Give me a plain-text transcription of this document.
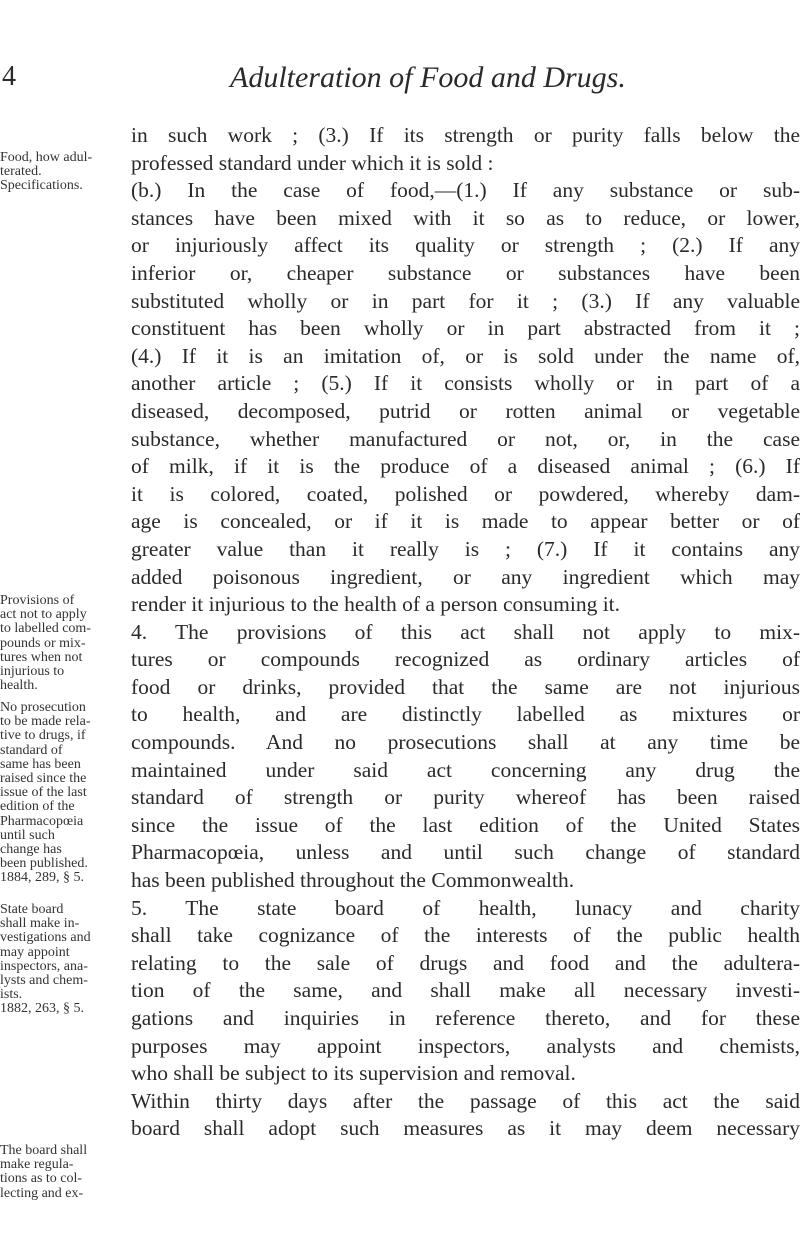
4	Adulteration of Food and Drugs.
Food, how adul-
terated.
Specifications.
Provisions of
act not to apply
to labelled com-
pounds or mix-
tures when not
injurious to
health.
No prosecution
to be made rela-
tive to drugs, if
standard of
same has been
raised since the
issue of the last
edition of the
Pharmacopœia
until such
change has
been published.
1884, 289, § 5.
State board
shall make in-
vestigations and
may appoint
inspectors, ana-
lysts and chem-
ists.
1882, 263, § 5.
The board shall
make regula-
tions as to col-
lecting and ex-
in such work ; (3.) If its strength or purity falls below the
professed standard under which it is sold :
(b.) In the case of food,—(1.) If any substance or sub-
stances have been mixed with it so as to reduce, or lower,
or injuriously affect its quality or strength ; (2.) If any
inferior or, cheaper substance or substances have been
substituted wholly or in part for it ; (3.) If any valuable
constituent has been wholly or in part abstracted from it ;
(4.) If it is an imitation of, or is sold under the name of,
another article ; (5.) If it consists wholly or in part of a
diseased, decomposed, putrid or rotten animal or vegetable
substance, whether manufactured or not, or, in the case
of milk, if it is the produce of a diseased animal ; (6.) If
it is colored, coated, polished or powdered, whereby dam-
age is concealed, or if it is made to appear better or of
greater value than it really is ; (7.) If it contains any
added poisonous ingredient, or any ingredient which may
render it injurious to the health of a person consuming it.
4. The provisions of this act shall not apply to mix-
tures or compounds recognized as ordinary articles of
food or drinks, provided that the same are not injurious
to health, and are distinctly labelled as mixtures or
compounds. And no prosecutions shall at any time be
maintained under said act concerning any drug the
standard of strength or purity whereof has been raised
since the issue of the last edition of the United States
Pharmacopœia, unless and until such change of standard
has been published throughout the Commonwealth.
5. The state board of health, lunacy and charity
shall take cognizance of the interests of the public health
relating to the sale of drugs and food and the adultera-
tion of the same, and shall make all necessary investi-
gations and inquiries in reference thereto, and for these
purposes may appoint inspectors, analysts and chemists,
who shall be subject to its supervision and removal.
Within thirty days after the passage of this act the said
board shall adopt such measures as it may deem necessary
